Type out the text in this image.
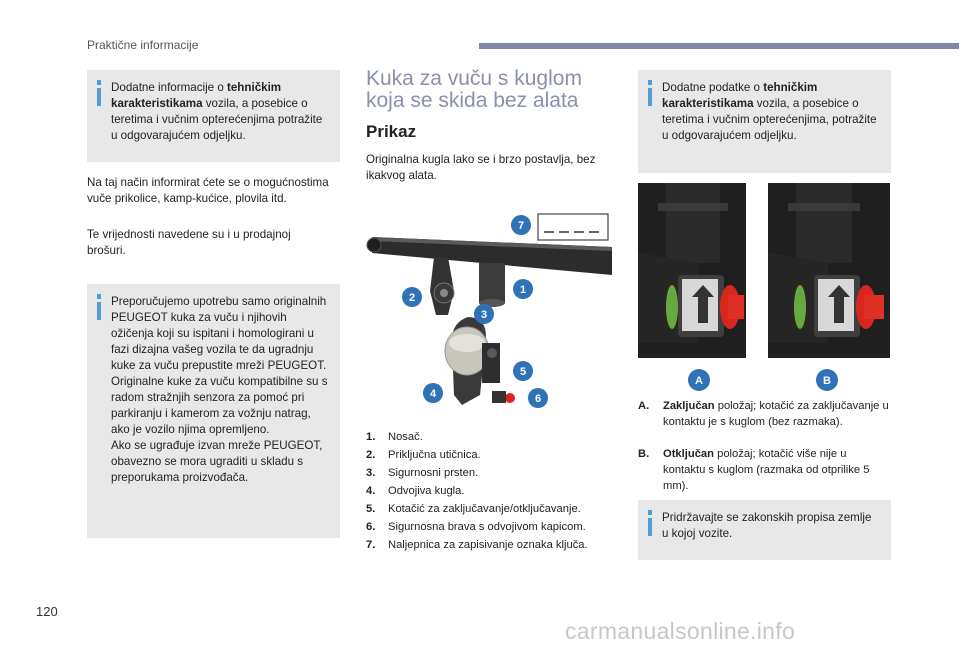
Praktične informacije
Dodatne informacije o tehničkim karakteristikama vozila, a posebice o teretima i vučnim opterećenjima potražite u odgovarajućem odjeljku.
Na taj način informirat ćete se o mogućnostima vuče prikolice, kamp-kućice, plovila itd.
Te vrijednosti navedene su i u prodajnoj brošuri.
Preporučujemo upotrebu samo originalnih PEUGEOT kuka za vuču i njihovih ožičenja koji su ispitani i homologirani u fazi dizajna vašeg vozila te da ugradnju kuke za vuču prepustite mreži PEUGEOT. Originalne kuke za vuču kompatibilne su s radom stražnjih senzora za pomoć pri parkiranju i kamerom za vožnju natrag, ako je vozilo njima opremljeno.
Ako se ugrađuje izvan mreže PEUGEOT, obavezno se mora ugraditi u skladu s preporukama proizvođača.
Kuka za vuču s kuglom koja se skida bez alata
Prikaz
Originalna kugla lako se i brzo postavlja, bez ikakvog alata.
7
2
1
3
5
4	6
1.	Nosač.
2.	Priključna utičnica.
3.	Sigurnosni prsten.
4.	Odvojiva kugla.
5.	Kotačić za zaključavanje/otključavanje.
6.	Sigurnosna brava s odvojivom kapicom.
7.	Naljepnica za zapisivanje oznaka ključa.
Dodatne podatke o tehničkim karakteristikama vozila, a posebice o teretima i vučnim opterećenjima, potražite u odgovarajućem odjeljku.
A	B
A.	Zaključan položaj; kotačić za zaključavanje u kontaktu je s kuglom (bez razmaka).
B.	Otključan položaj; kotačić više nije u kontaktu s kuglom (razmaka od otprilike 5 mm).
Pridržavajte se zakonskih propisa zemlje u kojoj vozite.
120
carmanualsonline.info
